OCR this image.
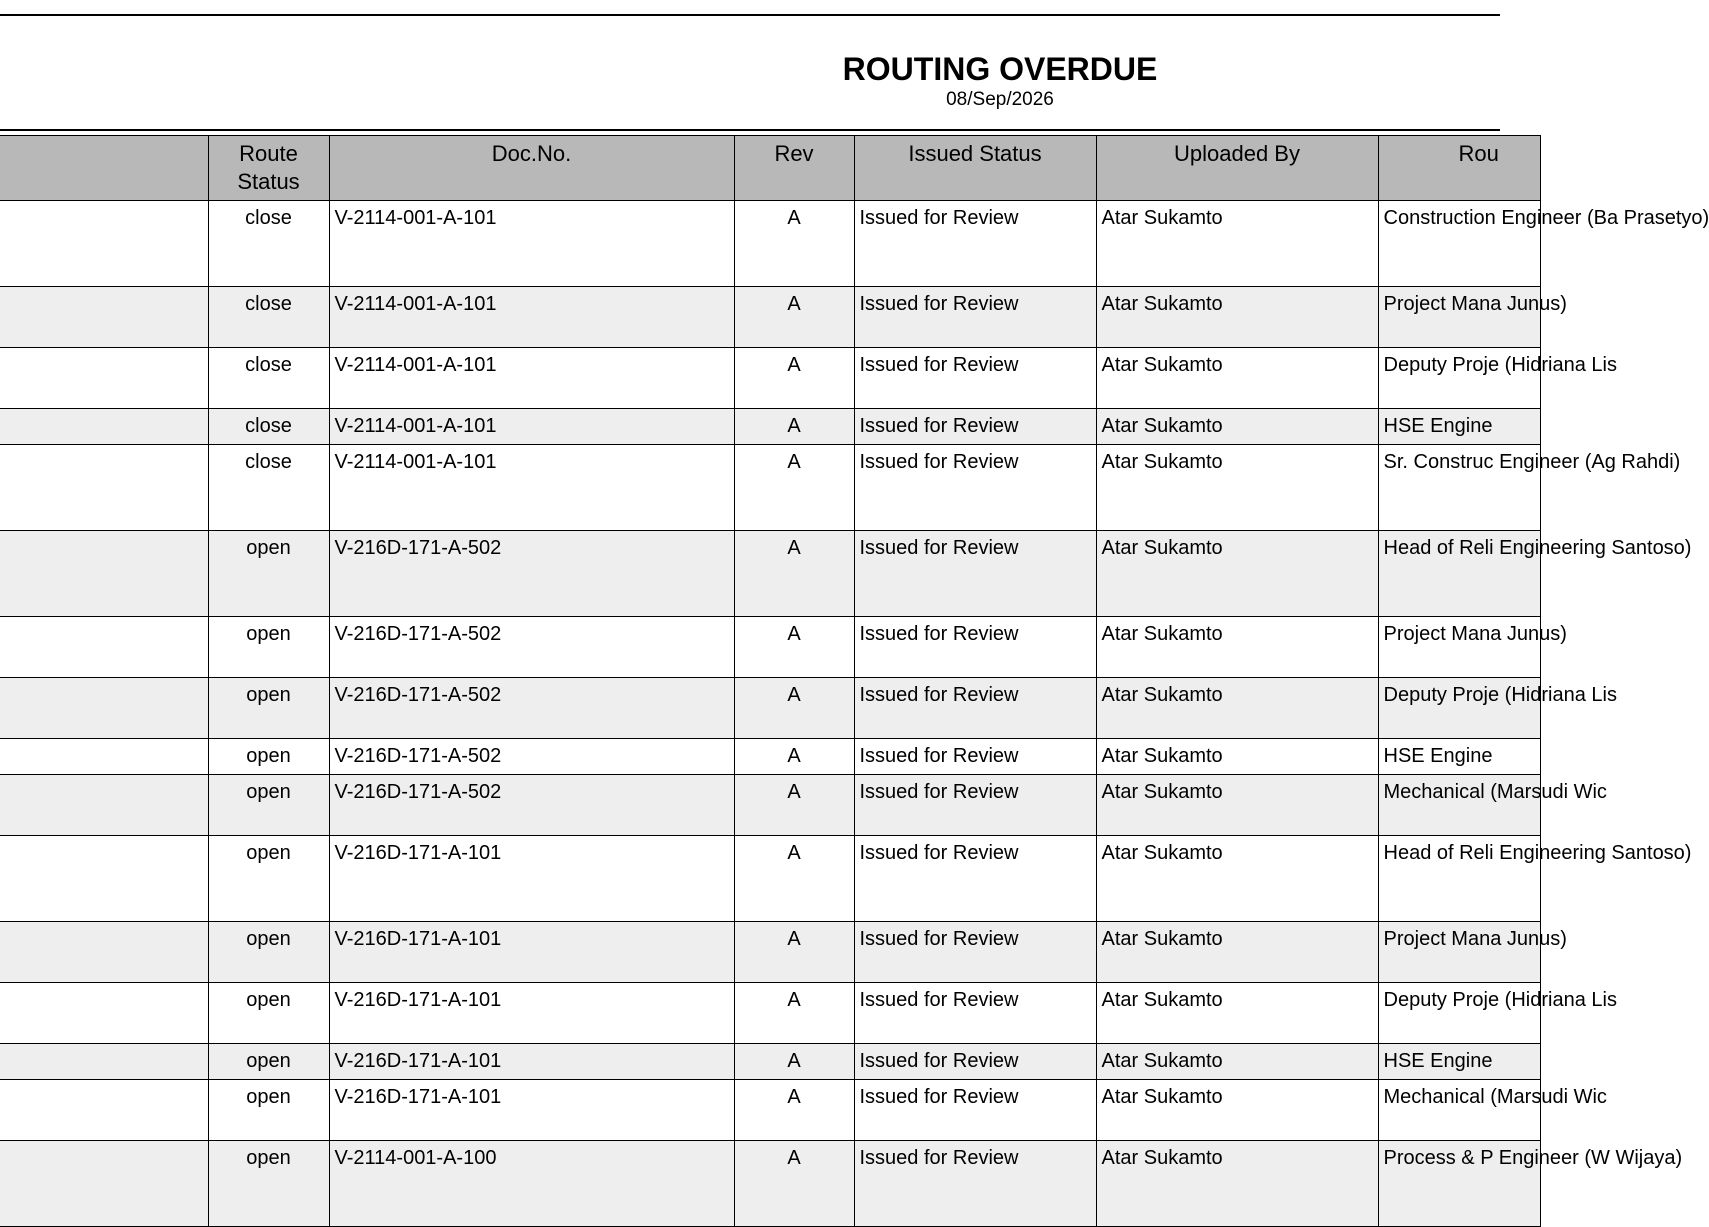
ROUTING OVERDUE
08/Sep/2026
	Route Status	Doc.No.	Rev	Issued Status	Uploaded By	Rou
	close	V-2114-001-A-101	A	Issued for Review	Atar Sukamto	Construction Engineer (Ba Prasetyo)
	close	V-2114-001-A-101	A	Issued for Review	Atar Sukamto	Project Mana Junus)
	close	V-2114-001-A-101	A	Issued for Review	Atar Sukamto	Deputy Proje (Hidriana Lis
	close	V-2114-001-A-101	A	Issued for Review	Atar Sukamto	HSE Engine
	close	V-2114-001-A-101	A	Issued for Review	Atar Sukamto	Sr. Construc Engineer (Ag Rahdi)
	open	V-216D-171-A-502	A	Issued for Review	Atar Sukamto	Head of Reli Engineering Santoso)
	open	V-216D-171-A-502	A	Issued for Review	Atar Sukamto	Project Mana Junus)
	open	V-216D-171-A-502	A	Issued for Review	Atar Sukamto	Deputy Proje (Hidriana Lis
	open	V-216D-171-A-502	A	Issued for Review	Atar Sukamto	HSE Engine
	open	V-216D-171-A-502	A	Issued for Review	Atar Sukamto	Mechanical (Marsudi Wic
	open	V-216D-171-A-101	A	Issued for Review	Atar Sukamto	Head of Reli Engineering Santoso)
	open	V-216D-171-A-101	A	Issued for Review	Atar Sukamto	Project Mana Junus)
	open	V-216D-171-A-101	A	Issued for Review	Atar Sukamto	Deputy Proje (Hidriana Lis
	open	V-216D-171-A-101	A	Issued for Review	Atar Sukamto	HSE Engine
	open	V-216D-171-A-101	A	Issued for Review	Atar Sukamto	Mechanical (Marsudi Wic
	open	V-2114-001-A-100	A	Issued for Review	Atar Sukamto	Process & P Engineer (W Wijaya)
